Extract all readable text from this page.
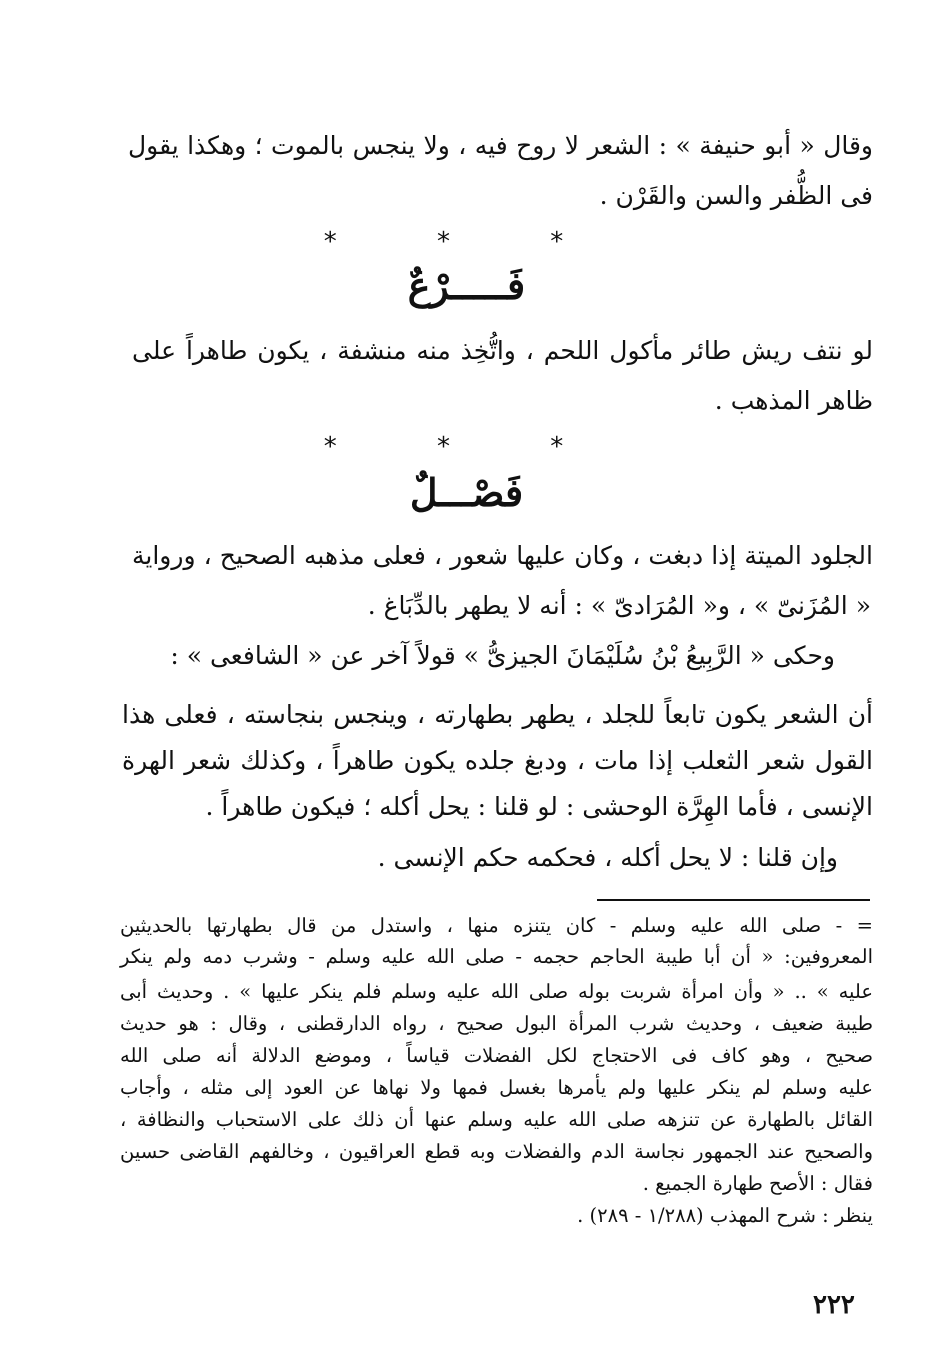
وقال « أبو حنيفة » : الشعر لا روح فيه ، ولا ينجس بالموت ؛ وهكذا يقول
فى الظُّفر والسن والقَرْن .
* * *
فَـــــرْعٌ
لو نتف ريش طائر مأكول اللحم ، واتُّخِذ منه منشفة ، يكون طاهراً على
ظاهر المذهب .
* * *
فَصْـــلٌ
الجلود الميتة إذا دبغت ، وكان عليها شعور ، فعلى مذهبه الصحيح ، ورواية
« المُزَنىّ » ، و« المُرَادىّ » : أنه لا يطهر بالدِّبَاغ .
وحكى « الرَّبِيعُ بْنُ سُلَيْمَانَ الجيزىُّ » قولاً آخر عن « الشافعى » :
أن الشعر يكون تابعاً للجلد ، يطهر بطهارته ، وينجس بنجاسته ، فعلى هذا
القول شعر الثعلب إذا مات ، ودبغ جلده يكون طاهراً ، وكذلك شعر الهرة
الإنسى ، فأما الهِرَّة الوحشى : لو قلنا : يحل أكله ؛ فيكون طاهراً .
وإن قلنا : لا يحل أكله ، فحكمه حكم الإنسى .
= - صلى الله عليه وسلم - كان يتنزه منها ، واستدل من قال بطهارتها بالحديثين
المعروفين: « أن أبا طيبة الحاجم حجمه - صلى الله عليه وسلم - وشرب دمه ولم ينكر
عليه » .. « وأن امرأة شربت بوله صلى الله عليه وسلم فلم ينكر عليها » . وحديث أبى
طيبة ضعيف ، وحديث شرب المرأة البول صحيح ، رواه الدارقطنى ، وقال : هو حديث
صحيح ، وهو كاف فى الاحتجاج لكل الفضلات قياساً ، وموضع الدلالة أنه صلى الله
عليه وسلم لم ينكر عليها ولم يأمرها بغسل فمها ولا نهاها عن العود إلى مثله ، وأجاب
القائل بالطهارة عن تنزهه صلى الله عليه وسلم عنها أن ذلك على الاستحباب والنظافة ،
والصحيح عند الجمهور نجاسة الدم والفضلات وبه قطع العراقيون ، وخالفهم القاضى حسين
فقال : الأصح طهارة الجميع .
ينظر : شرح المهذب (١/٢٨٨ - ٢٨٩) .
٢٢٢
